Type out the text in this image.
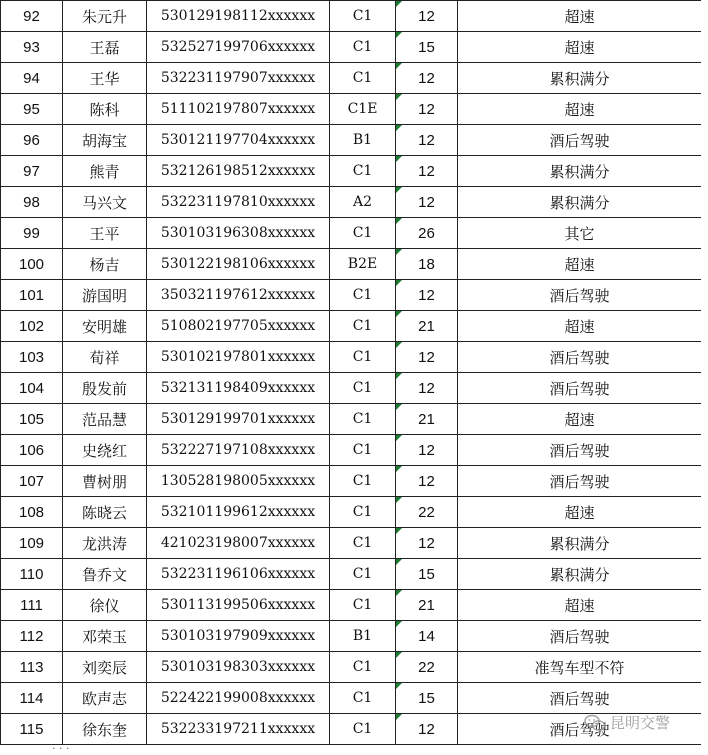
92	朱元升	530129198112xxxxxx	C1	12	超速
93	王磊	532527199706xxxxxx	C1	15	超速
94	王华	532231197907xxxxxx	C1	12	累积满分
95	陈科	511102197807xxxxxx	C1E	12	超速
96	胡海宝	530121197704xxxxxx	B1	12	酒后驾驶
97	熊青	532126198512xxxxxx	C1	12	累积满分
98	马兴文	532231197810xxxxxx	A2	12	累积满分
99	王平	530103196308xxxxxx	C1	26	其它
100	杨吉	530122198106xxxxxx	B2E	18	超速
101	游国明	350321197612xxxxxx	C1	12	酒后驾驶
102	安明雄	510802197705xxxxxx	C1	21	超速
103	荀祥	530102197801xxxxxx	C1	12	酒后驾驶
104	殷发前	532131198409xxxxxx	C1	12	酒后驾驶
105	范品慧	530129199701xxxxxx	C1	21	超速
106	史绕红	532227197108xxxxxx	C1	12	酒后驾驶
107	曹树朋	130528198005xxxxxx	C1	12	酒后驾驶
108	陈晓云	532101199612xxxxxx	C1	22	超速
109	龙洪涛	421023198007xxxxxx	C1	12	累积满分
110	鲁乔文	532231196106xxxxxx	C1	15	累积满分
111	徐仪	530113199506xxxxxx	C1	21	超速
112	邓荣玉	530103197909xxxxxx	B1	14	酒后驾驶
113	刘奕辰	530103198303xxxxxx	C1	22	准驾车型不符
114	欧声志	522422199008xxxxxx	C1	15	酒后驾驶
115	徐东奎	532233197211xxxxxx	C1	12	酒后驾驶
· · ·
昆明交警
